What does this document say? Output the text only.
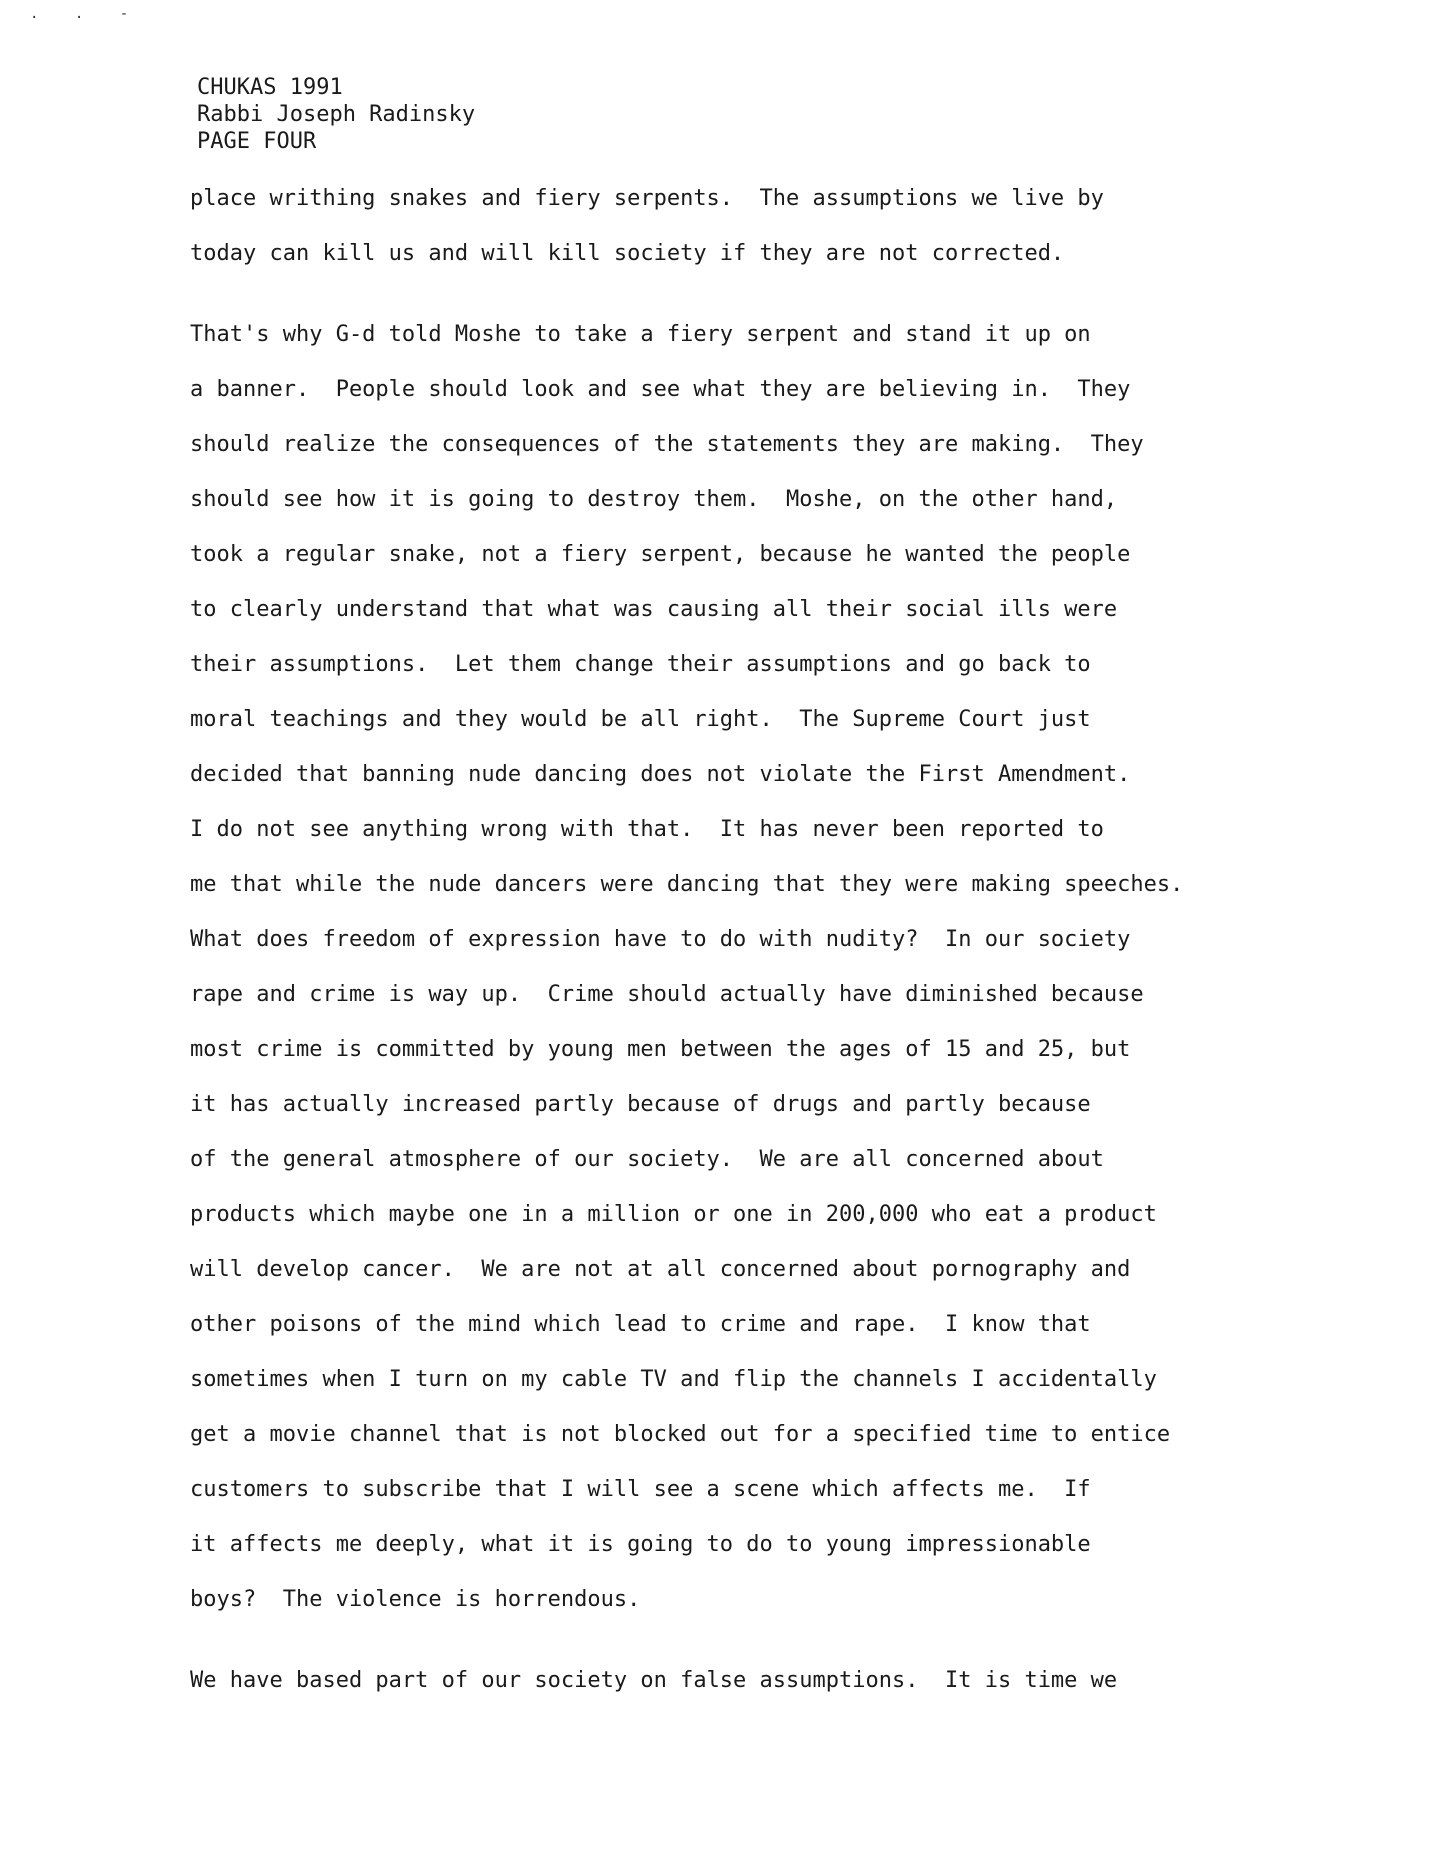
. . -
CHUKAS 1991
Rabbi Joseph Radinsky
PAGE FOUR
place writhing snakes and fiery serpents.  The assumptions we live by
today can kill us and will kill society if they are not corrected.
That's why G-d told Moshe to take a fiery serpent and stand it up on
a banner.  People should look and see what they are believing in.  They
should realize the consequences of the statements they are making.  They
should see how it is going to destroy them.  Moshe, on the other hand,
took a regular snake, not a fiery serpent, because he wanted the people
to clearly understand that what was causing all their social ills were
their assumptions.  Let them change their assumptions and go back to
moral teachings and they would be all right.  The Supreme Court just
decided that banning nude dancing does not violate the First Amendment.
I do not see anything wrong with that.  It has never been reported to
me that while the nude dancers were dancing that they were making speeches.
What does freedom of expression have to do with nudity?  In our society
rape and crime is way up.  Crime should actually have diminished because
most crime is committed by young men between the ages of 15 and 25, but
it has actually increased partly because of drugs and partly because
of the general atmosphere of our society.  We are all concerned about
products which maybe one in a million or one in 200,000 who eat a product
will develop cancer.  We are not at all concerned about pornography and
other poisons of the mind which lead to crime and rape.  I know that
sometimes when I turn on my cable TV and flip the channels I accidentally
get a movie channel that is not blocked out for a specified time to entice
customers to subscribe that I will see a scene which affects me.  If
it affects me deeply, what it is going to do to young impressionable
boys?  The violence is horrendous.
We have based part of our society on false assumptions.  It is time we
